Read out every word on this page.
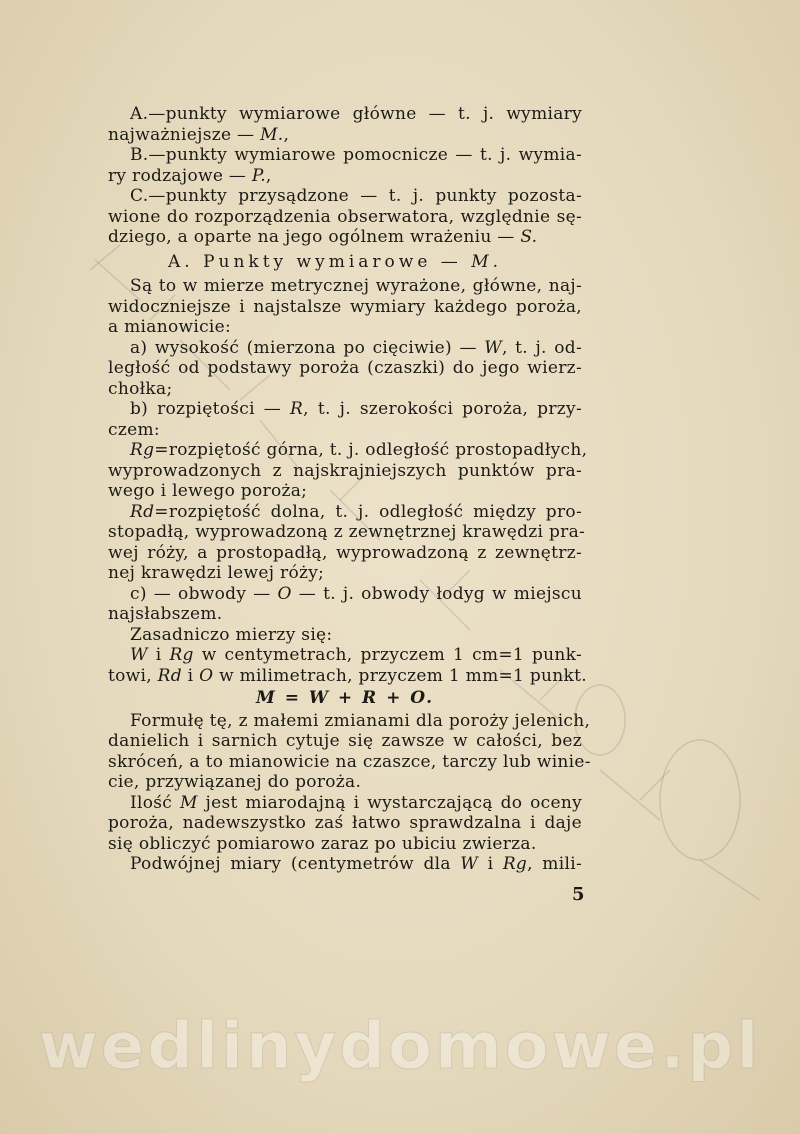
A.—punkty wymiarowe główne — t. j. wymiary
najważniejsze — M.,
B.—punkty wymiarowe pomocnicze — t. j. wymia-
ry rodzajowe — P.,
C.—punkty przysądzone — t. j. punkty pozosta-
wione do rozporządzenia obserwatora, względnie sę-
dziego, a oparte na jego ogólnem wrażeniu — S.
A. Punkty wymiarowe — M.
Są to w mierze metrycznej wyrażone, główne, naj-
widoczniejsze i najstalsze wymiary każdego poroża,
a mianowicie:
a) wysokość (mierzona po cięciwie) — W, t. j. od-
ległość od podstawy poroża (czaszki) do jego wierz-
chołka;
b) rozpiętości — R, t. j. szerokości poroża, przy-
czem:
Rg=rozpiętość górna, t. j. odległość prostopadłych,
wyprowadzonych z najskrajniejszych punktów pra-
wego i lewego poroża;
Rd=rozpiętość dolna, t. j. odległość między pro-
stopadłą, wyprowadzoną z zewnętrznej krawędzi pra-
wej róży, a prostopadłą, wyprowadzoną z zewnętrz-
nej krawędzi lewej róży;
c) — obwody — O — t. j. obwody łodyg w miejscu
najsłabszem.
Zasadniczo mierzy się:
W i Rg w centymetrach, przyczem 1 cm=1 punk-
towi, Rd i O w milimetrach, przyczem 1 mm=1 punkt.
M = W + R + O.
Formułę tę, z małemi zmianami dla poroży jelenich,
danielich i sarnich cytuje się zawsze w całości, bez
skróceń, a to mianowicie na czaszce, tarczy lub winie-
cie, przywiązanej do poroża.
Ilość M jest miarodajną i wystarczającą do oceny
poroża, nadewszystko zaś łatwo sprawdzalna i daje
się obliczyć pomiarowo zaraz po ubiciu zwierza.
Podwójnej miary (centymetrów dla W i Rg, mili-
5
wedlinydomowe.pl
